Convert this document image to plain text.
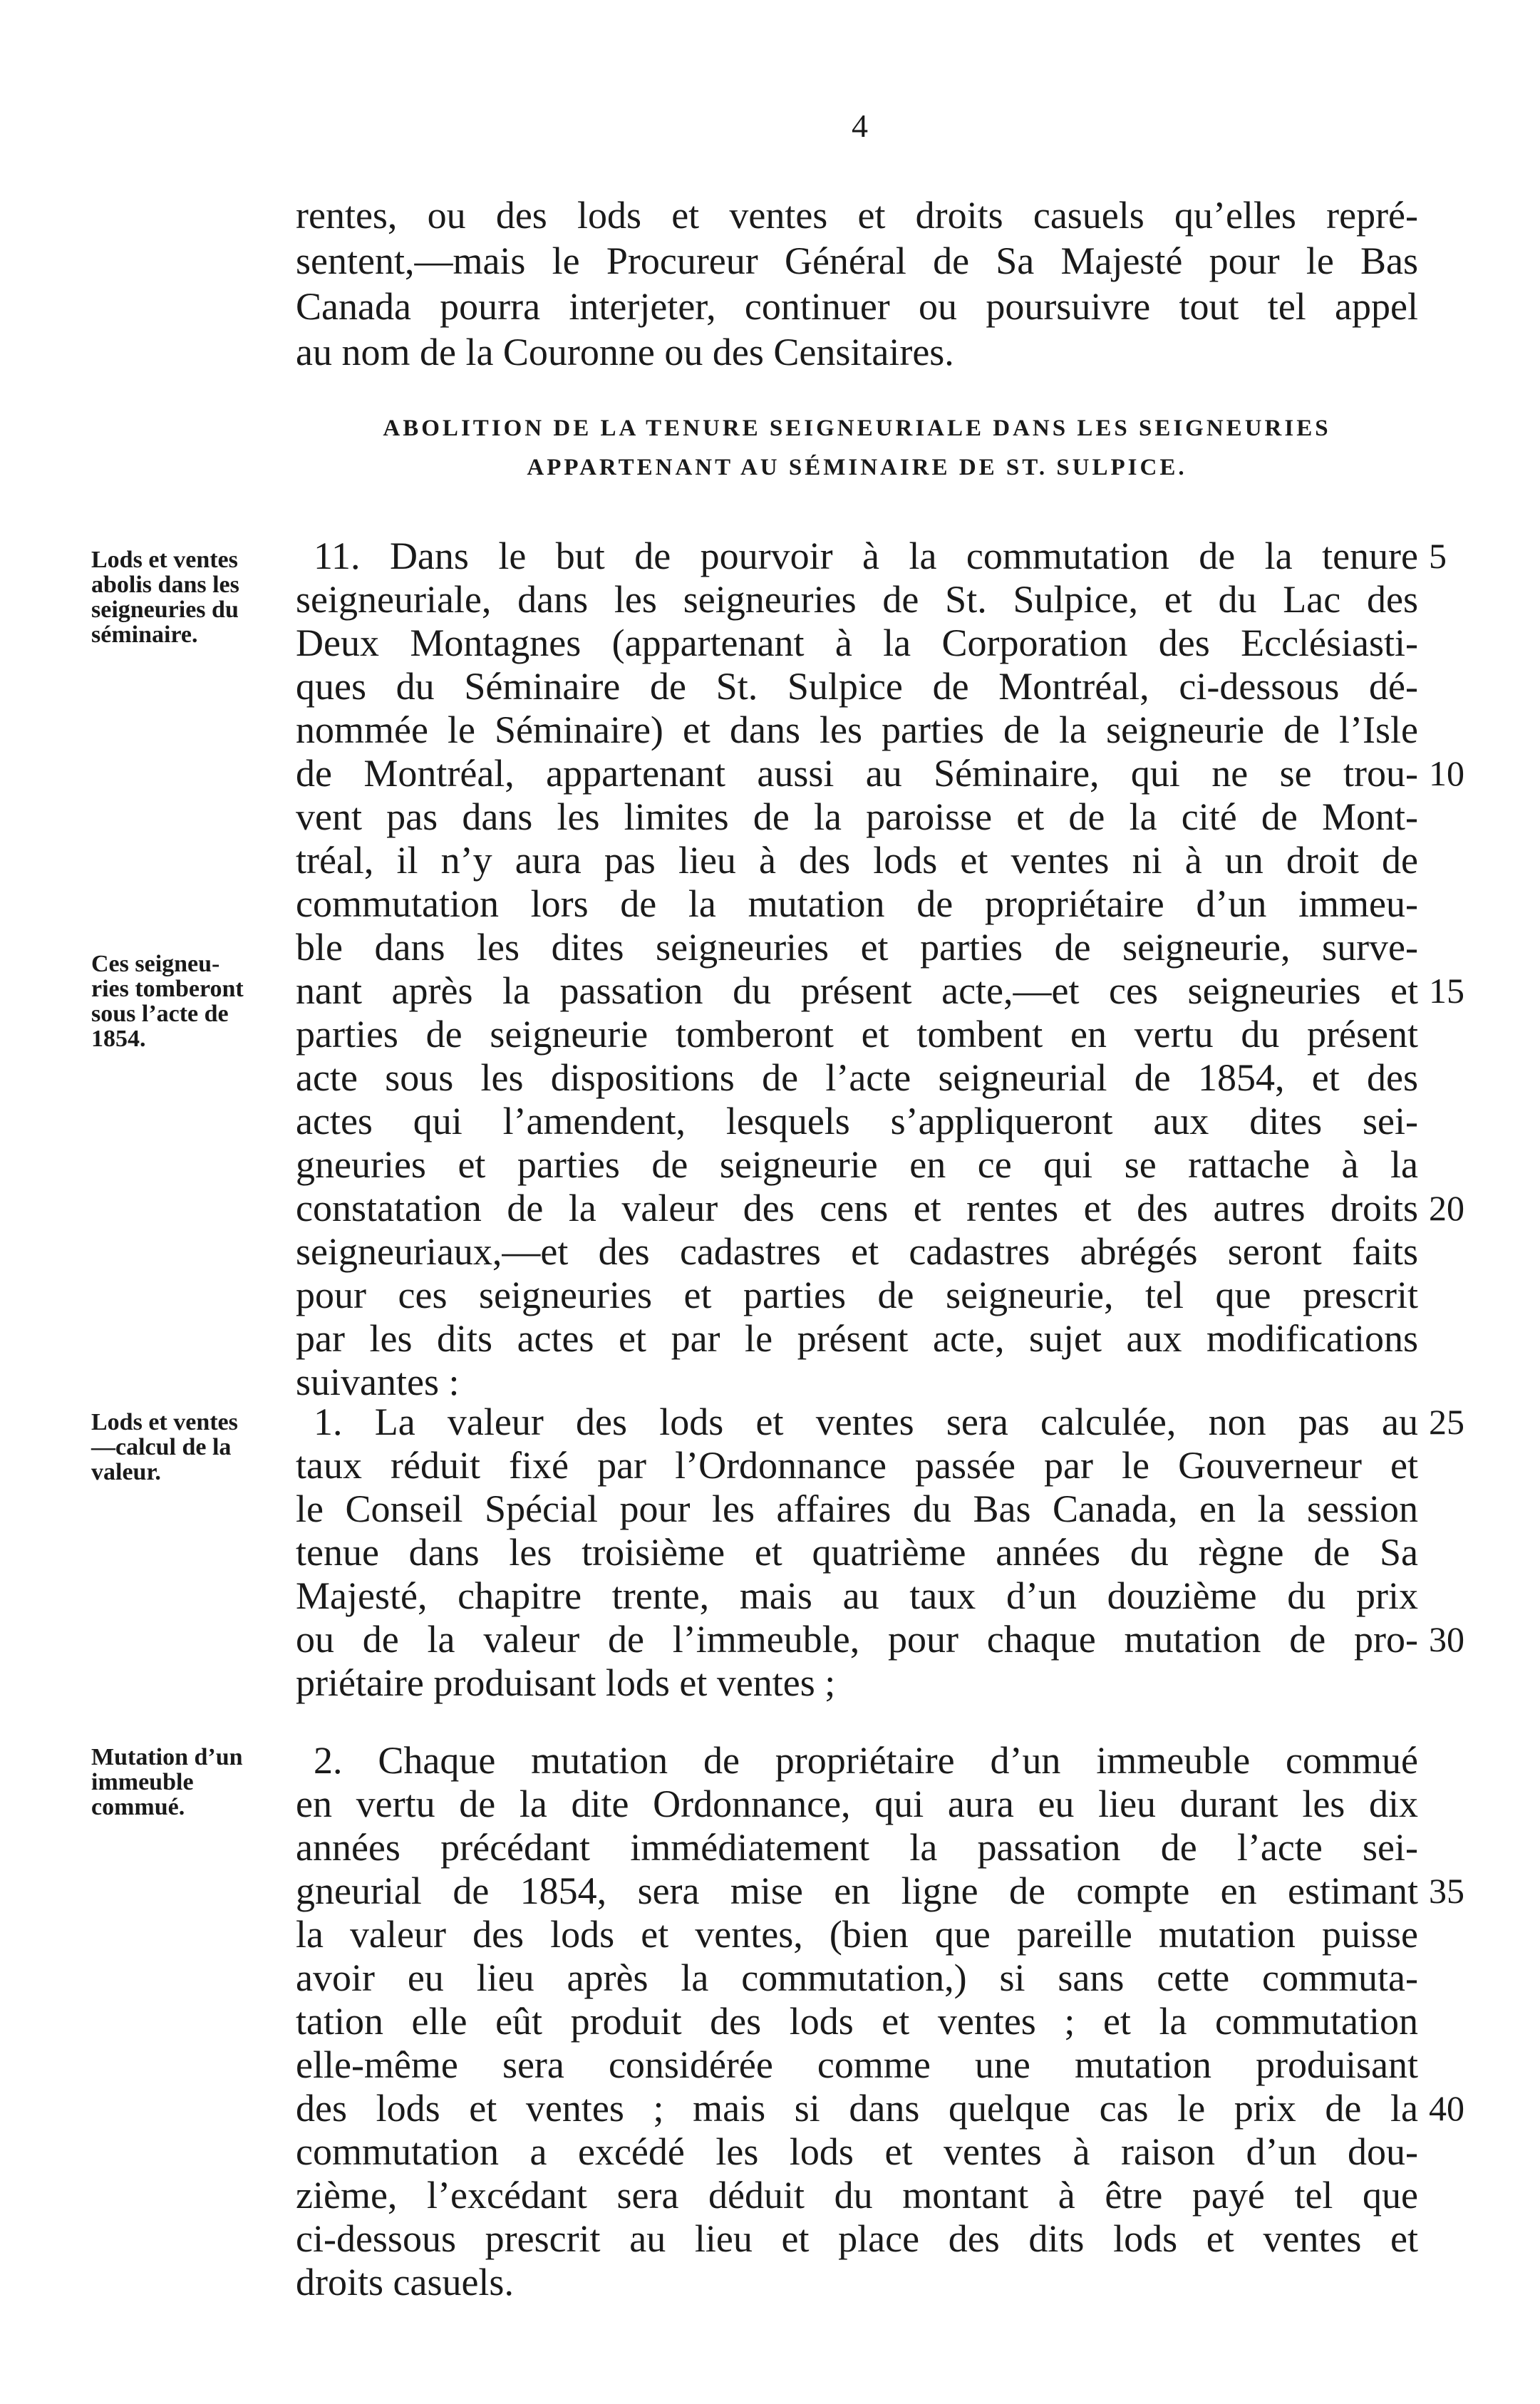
4
rentes, ou des lods et ventes et droits casuels qu’elles repré-
sentent,—mais le Procureur Général de Sa Majesté pour le Bas
Canada pourra interjeter, continuer ou poursuivre tout tel appel
au nom de la Couronne ou des Censitaires.
ABOLITION DE LA TENURE SEIGNEURIALE DANS LES SEIGNEURIES
APPARTENANT AU SÉMINAIRE DE ST. SULPICE.
Lods et ventes
abolis dans les
seigneuries du
séminaire.
Ces seigneu-
ries tomberont
sous l’acte de
1854.
Lods et ventes
—calcul de la
valeur.
Mutation d’un
immeuble
commué.
11. Dans le but de pourvoir à la commutation de la tenure
seigneuriale, dans les seigneuries de St. Sulpice, et du Lac des
Deux Montagnes (appartenant à la Corporation des Ecclésiasti-
ques du Séminaire de St. Sulpice de Montréal, ci-dessous dé-
nommée le Séminaire) et dans les parties de la seigneurie de l’Isle
de Montréal, appartenant aussi au Séminaire, qui ne se trou-
vent pas dans les limites de la paroisse et de la cité de Mont-
tréal, il n’y aura pas lieu à des lods et ventes ni à un droit de
commutation lors de la mutation de propriétaire d’un immeu-
ble dans les dites seigneuries et parties de seigneurie, surve-
nant après la passation du présent acte,—et ces seigneuries et
parties de seigneurie tomberont et tombent en vertu du présent
acte sous les dispositions de l’acte seigneurial de 1854, et des
actes qui l’amendent, lesquels s’appliqueront aux dites sei-
gneuries et parties de seigneurie en ce qui se rattache à la
constatation de la valeur des cens et rentes et des autres droits
seigneuriaux,—et des cadastres et cadastres abrégés seront faits
pour ces seigneuries et parties de seigneurie, tel que prescrit
par les dits actes et par le présent acte, sujet aux modifications
suivantes :
1. La valeur des lods et ventes sera calculée, non pas au
taux réduit fixé par l’Ordonnance passée par le Gouverneur et
le Conseil Spécial pour les affaires du Bas Canada, en la session
tenue dans les troisième et quatrième années du règne de Sa
Majesté, chapitre trente, mais au taux d’un douzième du prix
ou de la valeur de l’immeuble, pour chaque mutation de pro-
priétaire produisant lods et ventes ;
2. Chaque mutation de propriétaire d’un immeuble commué
en vertu de la dite Ordonnance, qui aura eu lieu durant les dix
années précédant immédiatement la passation de l’acte sei-
gneurial de 1854, sera mise en ligne de compte en estimant
la valeur des lods et ventes, (bien que pareille mutation puisse
avoir eu lieu après la commutation,) si sans cette commuta-
tation elle eût produit des lods et ventes ; et la commutation
elle-même sera considérée comme une mutation produisant
des lods et ventes ; mais si dans quelque cas le prix de la
commutation a excédé les lods et ventes à raison d’un dou-
zième, l’excédant sera déduit du montant à être payé tel que
ci-dessous prescrit au lieu et place des dits lods et ventes et
droits casuels.
5
10
15
20
25
30
35
40
